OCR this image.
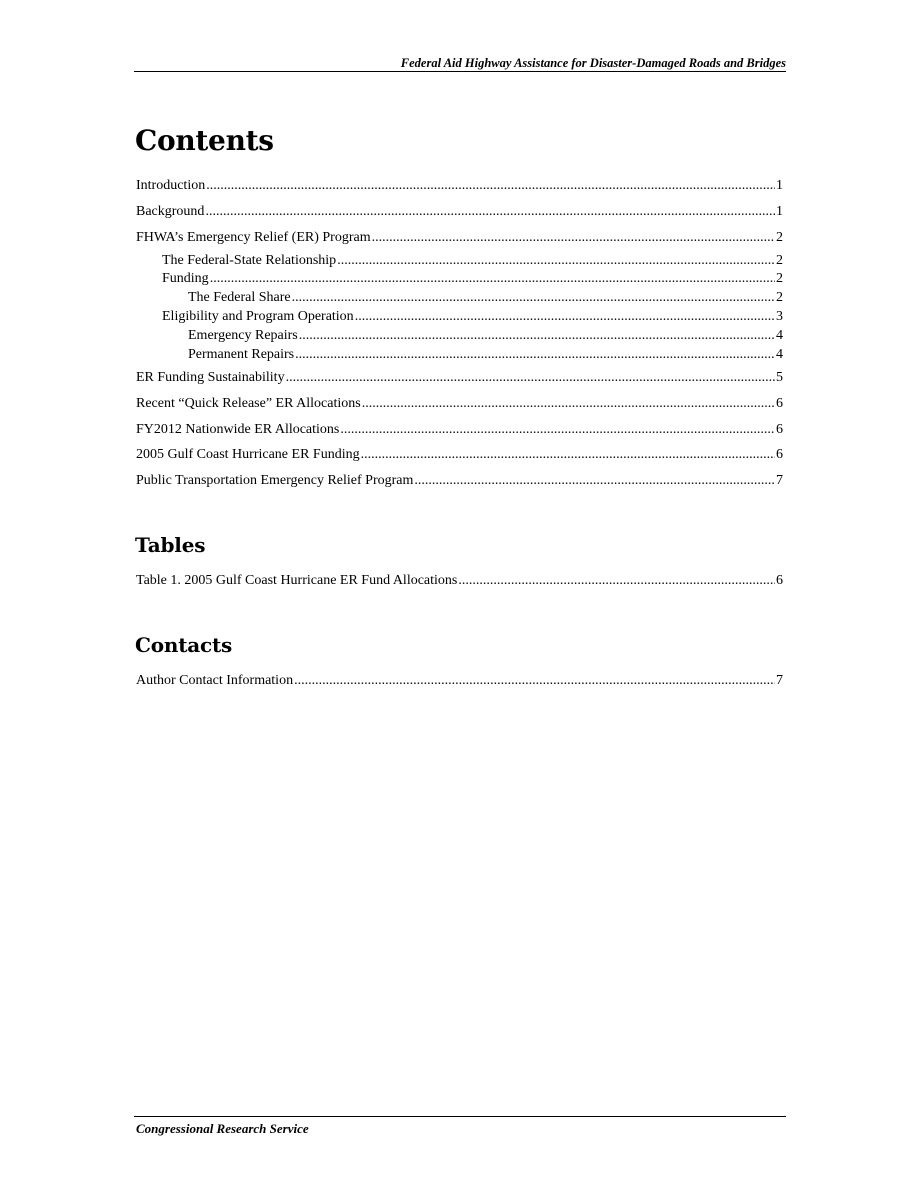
Federal Aid Highway Assistance for Disaster-Damaged Roads and Bridges
Contents
Introduction .....	1
Background .....	1
FHWA’s Emergency Relief (ER) Program .....	2
The Federal-State Relationship .....	2
Funding .....	2
The Federal Share .....	2
Eligibility and Program Operation .....	3
Emergency Repairs .....	4
Permanent Repairs .....	4
ER Funding Sustainability .....	5
Recent “Quick Release” ER Allocations .....	6
FY2012 Nationwide ER Allocations .....	6
2005 Gulf Coast Hurricane ER Funding .....	6
Public Transportation Emergency Relief Program .....	7
Tables
Table 1. 2005 Gulf Coast Hurricane ER Fund Allocations .....	6
Contacts
Author Contact Information .....	7
Congressional Research Service
